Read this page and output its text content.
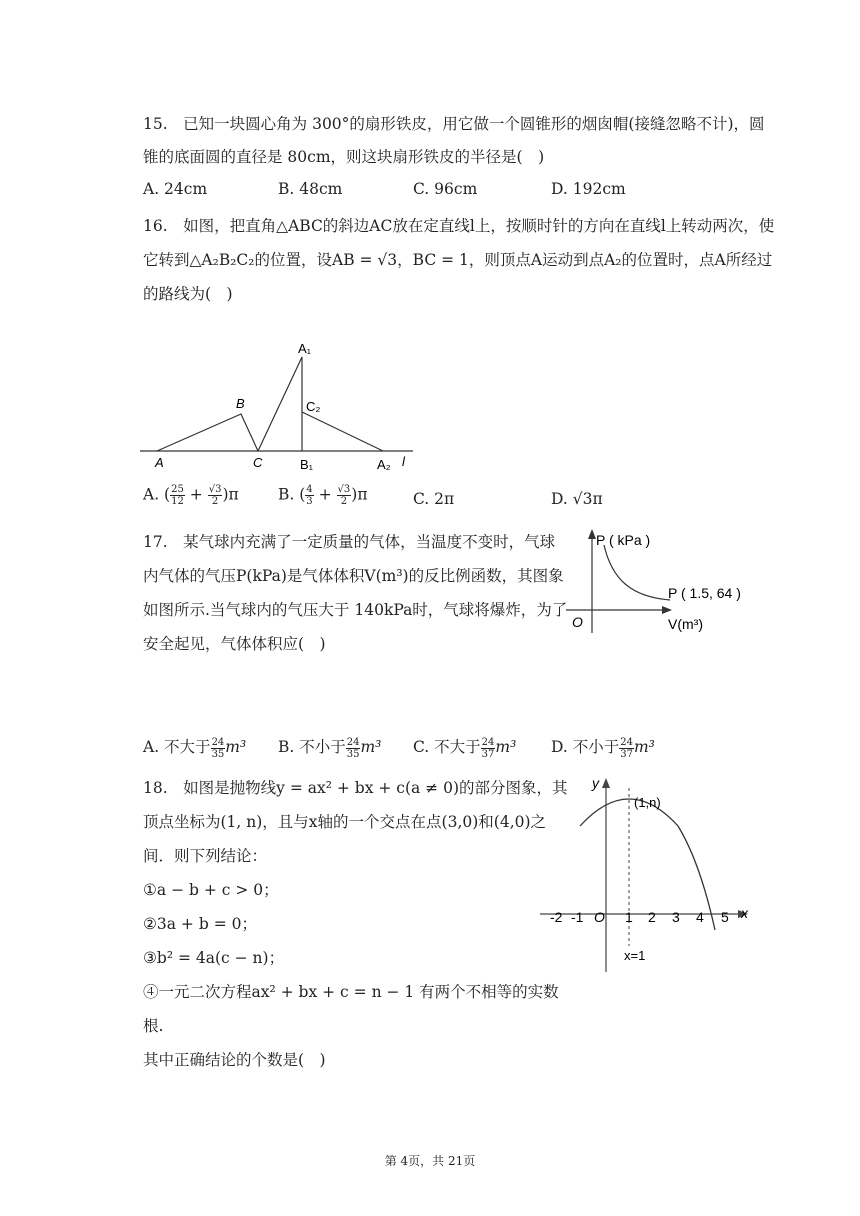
15.　已知一块圆心角为 300°的扇形铁皮，用它做一个圆锥形的烟囱帽(接缝忽略不计)，圆
锥的底面圆的直径是 80cm，则这块扇形铁皮的半径是(　)
A. 24cm	B. 48cm	C. 96cm	D. 192cm
16.　如图，把直角△ABC的斜边AC放在定直线l上，按顺时针的方向在直线l上转动两次，使
它转到△A₂B₂C₂的位置，设AB = √3，BC = 1，则顶点A运动到点A₂的位置时，点A所经过
的路线为(　)
A₁
B	C₂
A	C	B₁	A₂ l
A. ( $\frac{25}{12} + \frac{√3}{2} )\pi$	B. ( $\frac{4}{3} + \frac{√3}{2} )\pi$	C. 2π	D. √3π
17.　某气球内充满了一定质量的气体，当温度不变时，气球
内气体的气压P(kPa)是气体体积V(m³)的反比例函数，其图象
如图所示.当气球内的气压大于 140kPa时，气球将爆炸，为了
安全起见，气体体积应(　)
P ( kPa )
P ( 1.5, 64 )
O	V(m³)
A. 不大于 $\frac{24}{35} m^3$ B. 不小于 $\frac{24}{35} m^3$ C. 不大于 $\frac{24}{37} m^3$ D. 不小于 $\frac{24}{37} m^3$
18.　如图是抛物线y = ax² + bx + c(a ≠ 0)的部分图象，其
顶点坐标为(1, n)，且与x轴的一个交点在点(3,0)和(4,0)之
间．则下列结论：
①a − b + c > 0；
②3a + b = 0；
③b² = 4a(c − n)；
④一元二次方程ax² + bx + c = n − 1 有两个不相等的实数
根.
其中正确结论的个数是(　)
y
x
(1,n)
x=1
-2 -1 O 1 2 3 4 5
第 4页，共 21页
